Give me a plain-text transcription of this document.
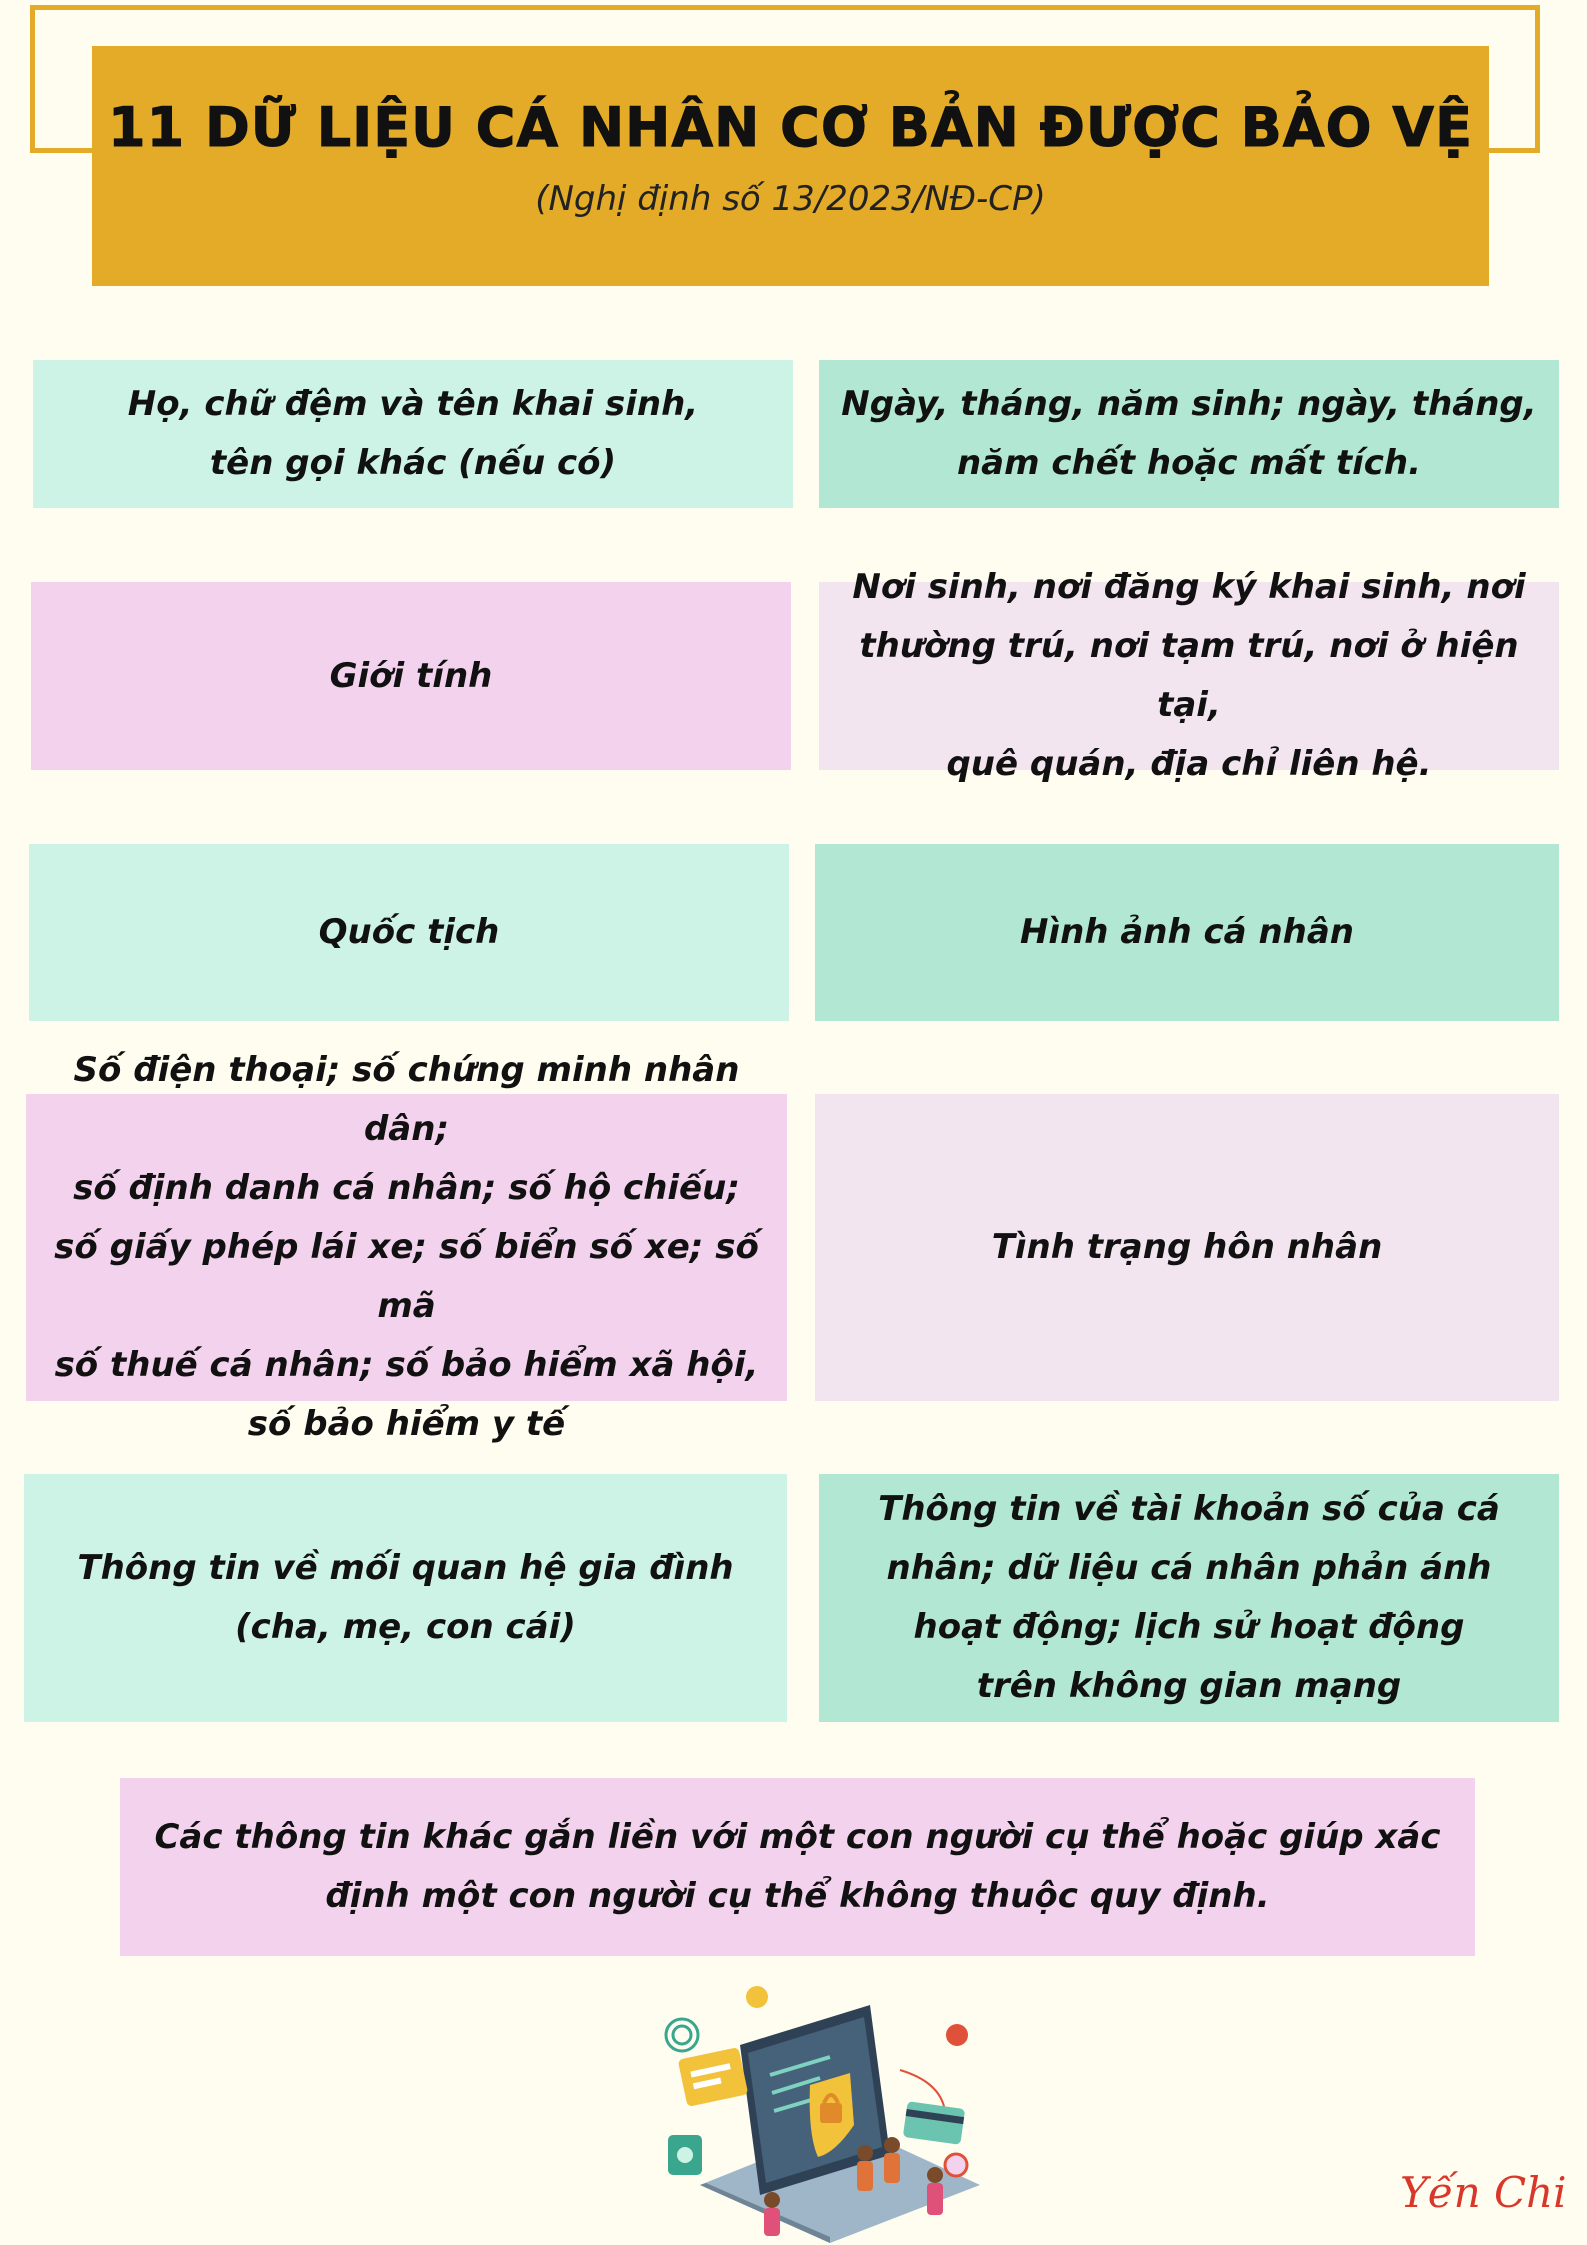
11 DỮ LIỆU CÁ NHÂN CƠ BẢN ĐƯỢC BẢO VỆ
(Nghị định số 13/2023/NĐ-CP)
Họ, chữ đệm và tên khai sinh,
tên gọi khác (nếu có)
Ngày, tháng, năm sinh; ngày, tháng,
năm chết hoặc mất tích.
Giới tính
Nơi sinh, nơi đăng ký khai sinh, nơi
thường trú, nơi tạm trú, nơi ở hiện tại,
quê quán, địa chỉ liên hệ.
Quốc tịch	Hình ảnh cá nhân
Số điện thoại; số chứng minh nhân dân;
số định danh cá nhân; số hộ chiếu;
số giấy phép lái xe; số biển số xe; số mã
số thuế cá nhân; số bảo hiểm xã hội,
số bảo hiểm y tế
Tình trạng hôn nhân
Thông tin về mối quan hệ gia đình
(cha, mẹ, con cái)
Thông tin về tài khoản số của cá
nhân; dữ liệu cá nhân phản ánh
hoạt động; lịch sử hoạt động
trên không gian mạng
Các thông tin khác gắn liền với một con người cụ thể hoặc giúp xác
định một con người cụ thể không thuộc quy định.
Yến Chi
